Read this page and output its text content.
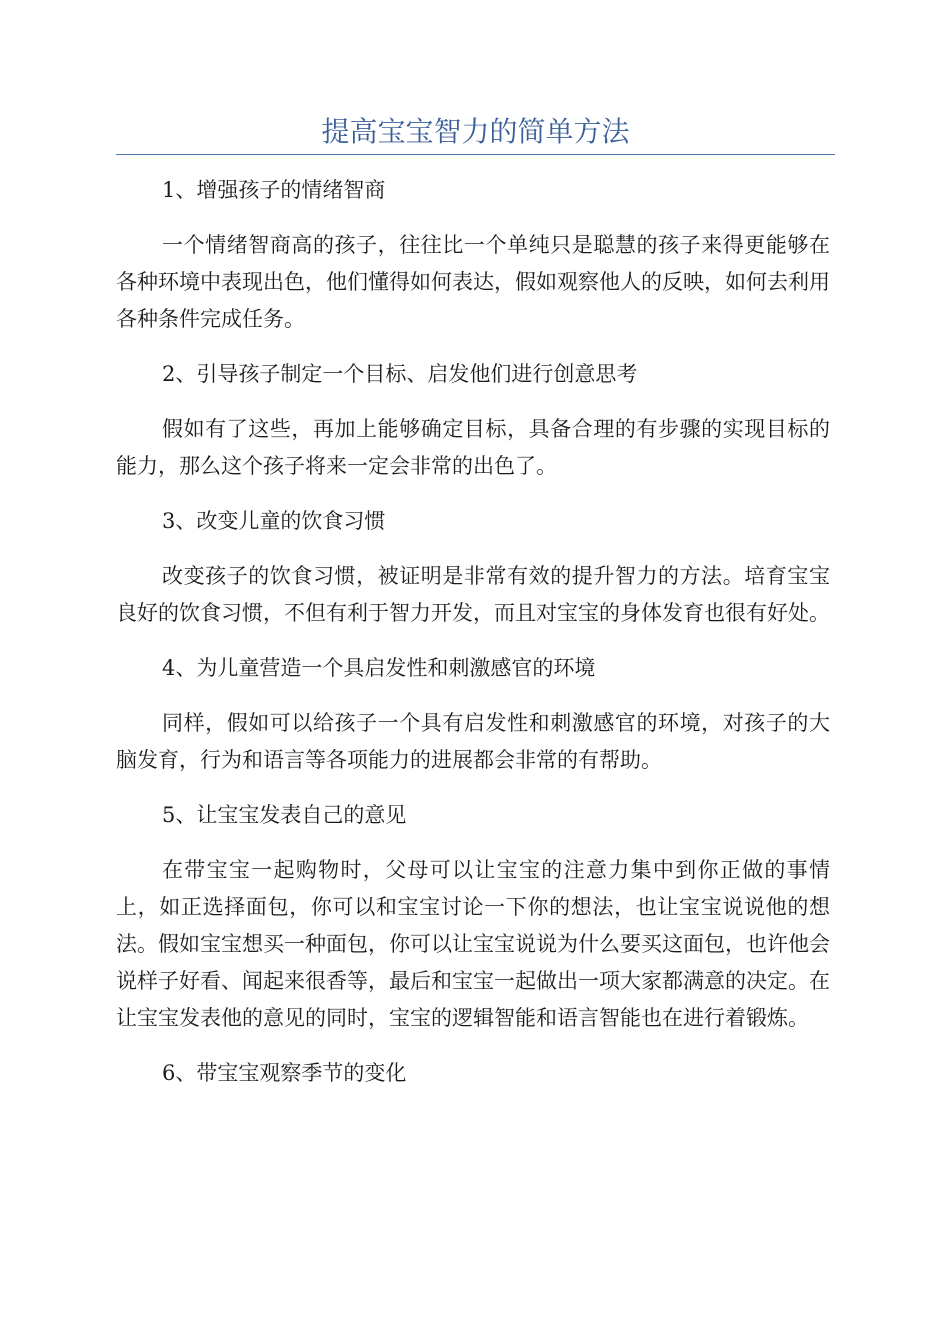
提高宝宝智力的简单方法

1、增强孩子的情绪智商

一个情绪智商高的孩子，往往比一个单纯只是聪慧的孩子来得更能够在各种环境中表现出色，他们懂得如何表达，假如观察他人的反映，如何去利用各种条件完成任务。

2、引导孩子制定一个目标、启发他们进行创意思考

假如有了这些，再加上能够确定目标，具备合理的有步骤的实现目标的能力，那么这个孩子将来一定会非常的出色了。

3、改变儿童的饮食习惯

改变孩子的饮食习惯，被证明是非常有效的提升智力的方法。培育宝宝良好的饮食习惯，不但有利于智力开发，而且对宝宝的身体发育也很有好处。

4、为儿童营造一个具启发性和刺激感官的环境

同样，假如可以给孩子一个具有启发性和刺激感官的环境，对孩子的大脑发育，行为和语言等各项能力的进展都会非常的有帮助。

5、让宝宝发表自己的意见

在带宝宝一起购物时，父母可以让宝宝的注意力集中到你正做的事情上，如正选择面包，你可以和宝宝讨论一下你的想法，也让宝宝说说他的想法。假如宝宝想买一种面包，你可以让宝宝说说为什么要买这面包，也许他会说样子好看、闻起来很香等，最后和宝宝一起做出一项大家都满意的决定。在让宝宝发表他的意见的同时，宝宝的逻辑智能和语言智能也在进行着锻炼。

6、带宝宝观察季节的变化
